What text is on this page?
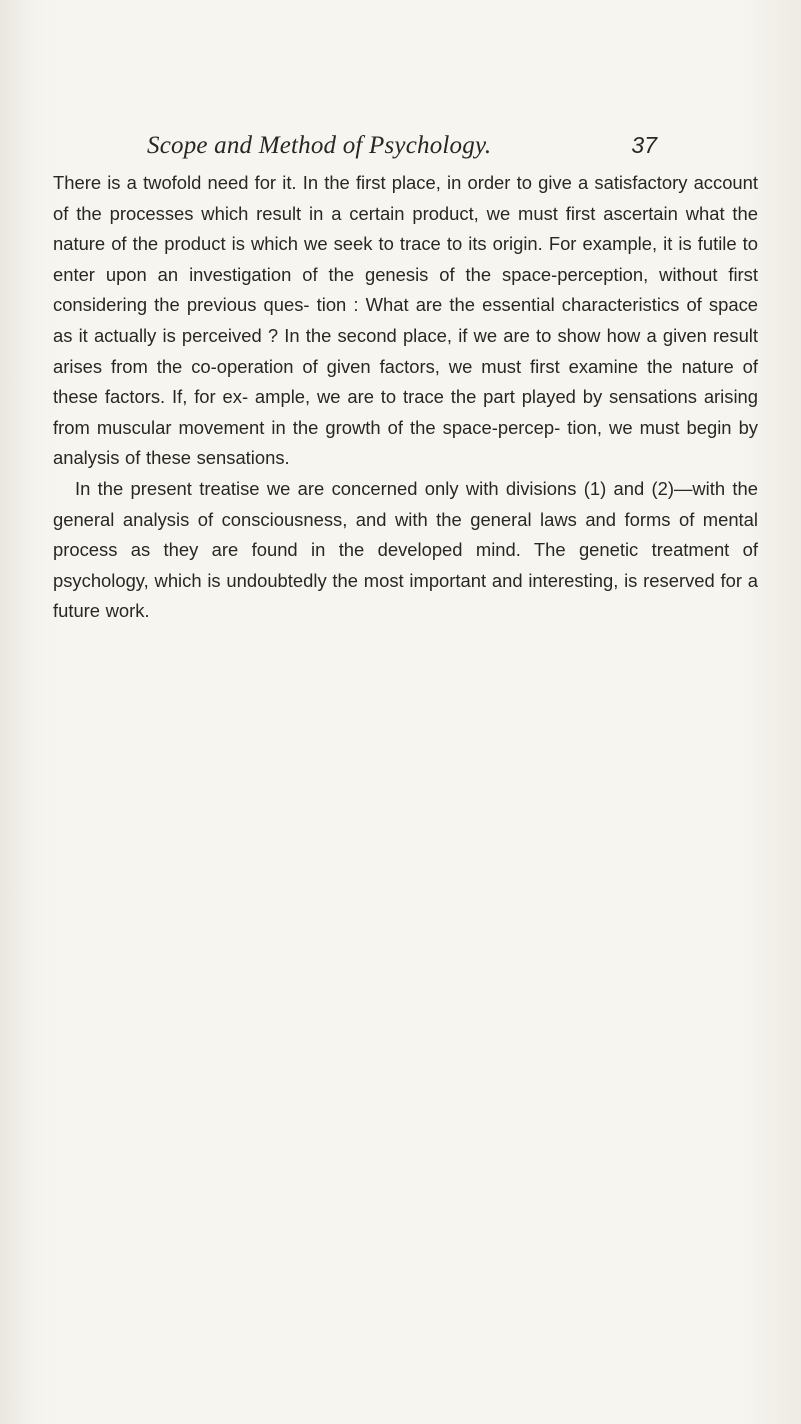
Scope and Method of Psychology.	37

There is a twofold need for it. In the first place, in order to give a satisfactory account of the processes which result in a certain product, we must first ascertain what the nature of the product is which we seek to trace to its origin. For example, it is futile to enter upon an investigation of the genesis of the space-perception, without first considering the previous ques- tion : What are the essential characteristics of space as it actually is perceived ? In the second place, if we are to show how a given result arises from the co-operation of given factors, we must first examine the nature of these factors. If, for ex- ample, we are to trace the part played by sensations arising from muscular movement in the growth of the space-percep- tion, we must begin by analysis of these sensations.

In the present treatise we are concerned only with divisions (1) and (2)—with the general analysis of consciousness, and with the general laws and forms of mental process as they are found in the developed mind. The genetic treatment of psychology, which is undoubtedly the most important and interesting, is reserved for a future work.
